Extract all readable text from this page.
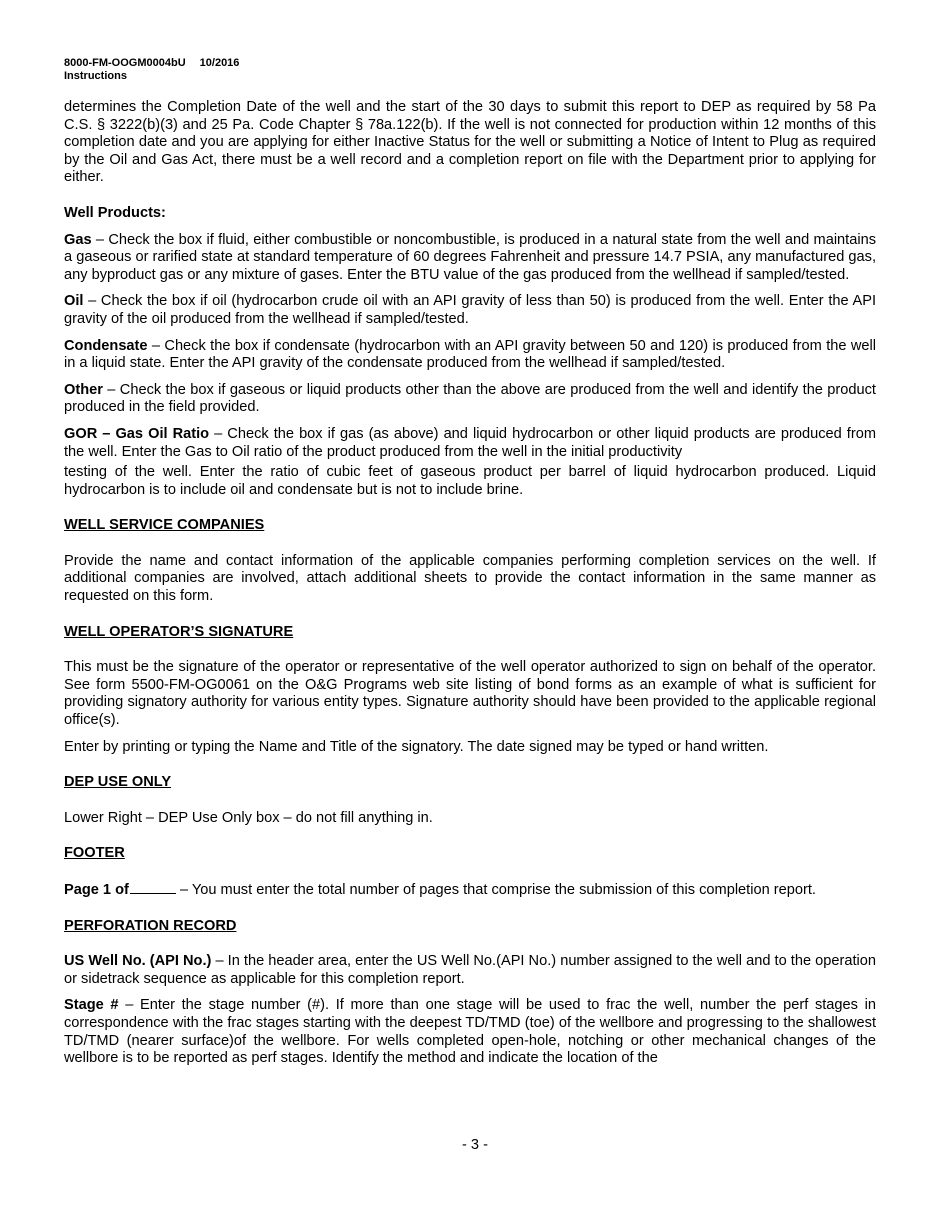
8000-FM-OOGM0004bU 10/2016
Instructions

determines the Completion Date of the well and the start of the 30 days to submit this report to DEP as required by 58 Pa C.S. § 3222(b)(3) and 25 Pa. Code Chapter § 78a.122(b). If the well is not connected for production within 12 months of this completion date and you are applying for either Inactive Status for the well or submitting a Notice of Intent to Plug as required by the Oil and Gas Act, there must be a well record and a completion report on file with the Department prior to applying for either.

Well Products:

Gas – Check the box if fluid, either combustible or noncombustible, is produced in a natural state from the well and maintains a gaseous or rarified state at standard temperature of 60 degrees Fahrenheit and pressure 14.7 PSIA, any manufactured gas, any byproduct gas or any mixture of gases. Enter the BTU value of the gas produced from the wellhead if sampled/tested.

Oil – Check the box if oil (hydrocarbon crude oil with an API gravity of less than 50) is produced from the well. Enter the API gravity of the oil produced from the wellhead if sampled/tested.

Condensate – Check the box if condensate (hydrocarbon with an API gravity between 50 and 120) is produced from the well in a liquid state. Enter the API gravity of the condensate produced from the wellhead if sampled/tested.

Other – Check the box if gaseous or liquid products other than the above are produced from the well and identify the product produced in the field provided.

GOR – Gas Oil Ratio – Check the box if gas (as above) and liquid hydrocarbon or other liquid products are produced from the well. Enter the Gas to Oil ratio of the product produced from the well in the initial productivity

testing of the well. Enter the ratio of cubic feet of gaseous product per barrel of liquid hydrocarbon produced. Liquid hydrocarbon is to include oil and condensate but is not to include brine.

WELL SERVICE COMPANIES

Provide the name and contact information of the applicable companies performing completion services on the well. If additional companies are involved, attach additional sheets to provide the contact information in the same manner as requested on this form.

WELL OPERATOR’S SIGNATURE

This must be the signature of the operator or representative of the well operator authorized to sign on behalf of the operator. See form 5500-FM-OG0061 on the O&G Programs web site listing of bond forms as an example of what is sufficient for providing signatory authority for various entity types. Signature authority should have been provided to the applicable regional office(s).

Enter by printing or typing the Name and Title of the signatory. The date signed may be typed or hand written.

DEP USE ONLY

Lower Right – DEP Use Only box – do not fill anything in.

FOOTER

Page 1 of	– You must enter the total number of pages that comprise the submission of this completion report.

PERFORATION RECORD

US Well No. (API No.) – In the header area, enter the US Well No.(API No.) number assigned to the well and to the operation or sidetrack sequence as applicable for this completion report.

Stage # – Enter the stage number (#). If more than one stage will be used to frac the well, number the perf stages in correspondence with the frac stages starting with the deepest TD/TMD (toe) of the wellbore and progressing to the shallowest TD/TMD (nearer surface)of the wellbore. For wells completed open-hole, notching or other mechanical changes of the wellbore is to be reported as perf stages. Identify the method and indicate the location of the

- 3 -
